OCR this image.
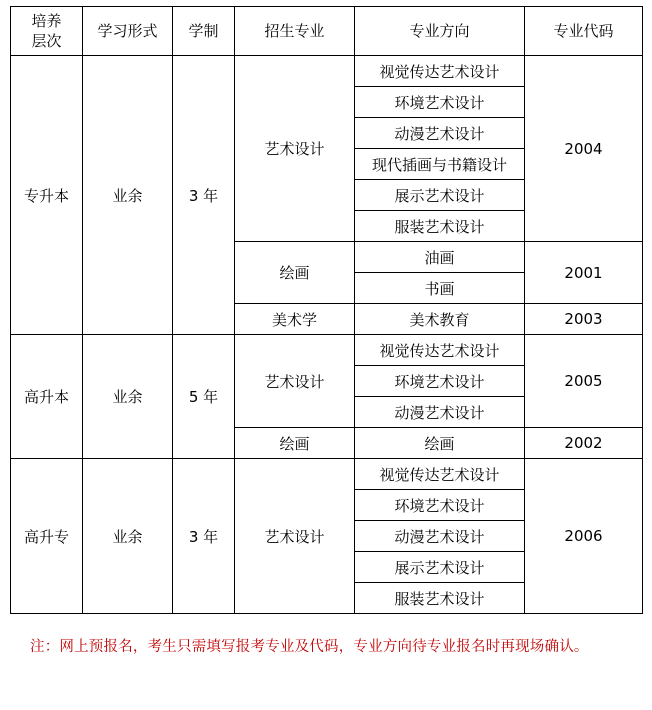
培养
层次	学习形式	学制	招生专业	专业方向	专业代码
专升本	业余	3 年	艺术设计	视觉传达艺术设计	2004
				环境艺术设计	
				动漫艺术设计	
				现代插画与书籍设计	
				展示艺术设计	
				服装艺术设计	
			绘画	油画	2001
				书画	
			美术学	美术教育	2003
高升本	业余	5 年	艺术设计	视觉传达艺术设计	2005
				环境艺术设计	
				动漫艺术设计	
			绘画	绘画	2002
高升专	业余	3 年	艺术设计	视觉传达艺术设计	2006
				环境艺术设计	
				动漫艺术设计	
				展示艺术设计	
				服装艺术设计	
注：网上预报名，考生只需填写报考专业及代码，专业方向待专业报名时再现场确认。
